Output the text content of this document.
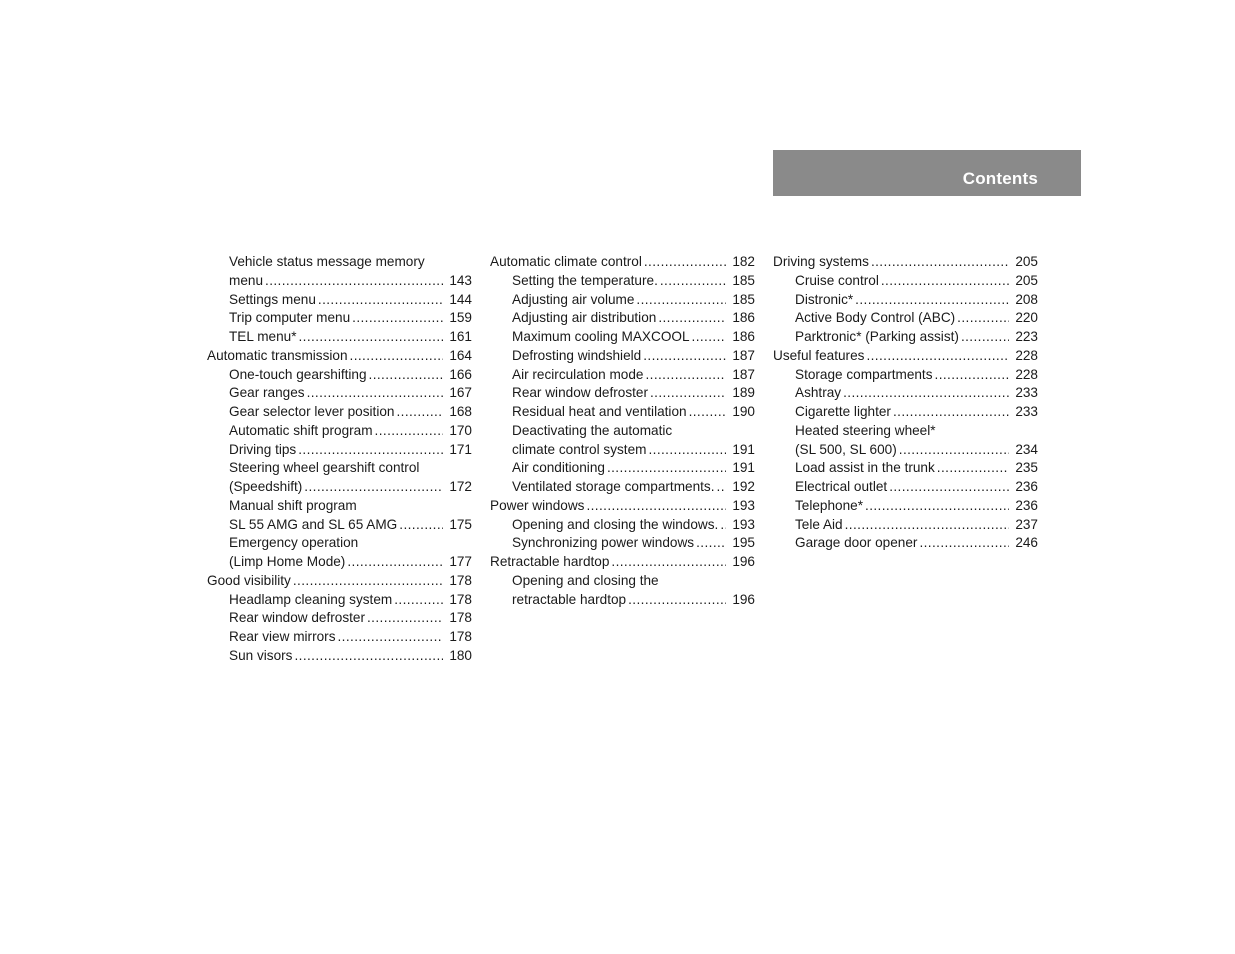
Contents
Vehicle status message memory
menu .....	143
Settings menu .....	144
Trip computer menu .....	159
TEL menu* .....	161
Automatic transmission .....	164
One-touch gearshifting .....	166
Gear ranges .....	167
Gear selector lever position .....	168
Automatic shift program .....	170
Driving tips .....	171
Steering wheel gearshift control
(Speedshift) .....	172
Manual shift program
SL 55 AMG and SL 65 AMG .....	175
Emergency operation
(Limp Home Mode) .....	177
Good visibility .....	178
Headlamp cleaning system .....	178
Rear window defroster .....	178
Rear view mirrors .....	178
Sun visors .....	180
Automatic climate control .....	182
Setting the temperature. .....	185
Adjusting air volume .....	185
Adjusting air distribution .....	186
Maximum cooling MAXCOOL .....	186
Defrosting windshield .....	187
Air recirculation mode .....	187
Rear window defroster .....	189
Residual heat and ventilation .....	190
Deactivating the automatic
climate control system .....	191
Air conditioning .....	191
Ventilated storage compartments. ..... 192
Power windows .....	193
Opening and closing the windows. ..... 193
Synchronizing power windows .....	195
Retractable hardtop .....	196
Opening and closing the
retractable hardtop .....	196
Driving systems .....	205
Cruise control .....	205
Distronic* .....	208
Active Body Control (ABC) .....	220
Parktronic* (Parking assist) .....	223
Useful features .....	228
Storage compartments .....	228
Ashtray .....	233
Cigarette lighter .....	233
Heated steering wheel*
(SL 500, SL 600) .....	234
Load assist in the trunk .....	235
Electrical outlet .....	236
Telephone* .....	236
Tele Aid .....	237
Garage door opener .....	246
